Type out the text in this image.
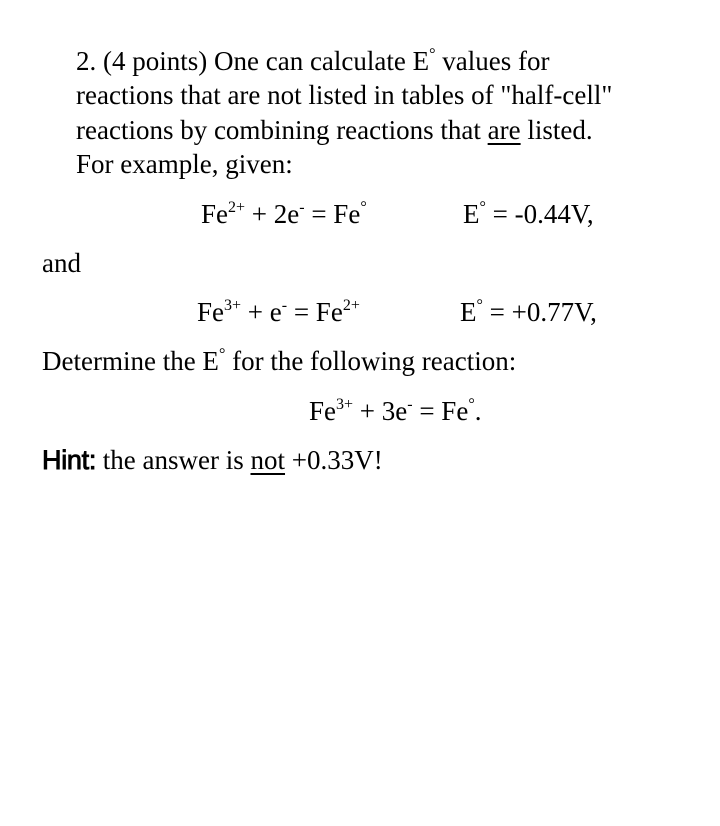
2. (4 points) One can calculate E° values for
reactions that are not listed in tables of "half-cell"
reactions by combining reactions that are listed.
For example, given:
$Fe^{2+} + 2e^- = Fe^\circ$	E° = -0.44V,
and
$Fe^{3+} + e^- = Fe^{2+}$	E° = +0.77V,
Determine the E° for the following reaction:
$Fe^{3+} + 3e^- = Fe^\circ$.
Hint: the answer is not +0.33V!
